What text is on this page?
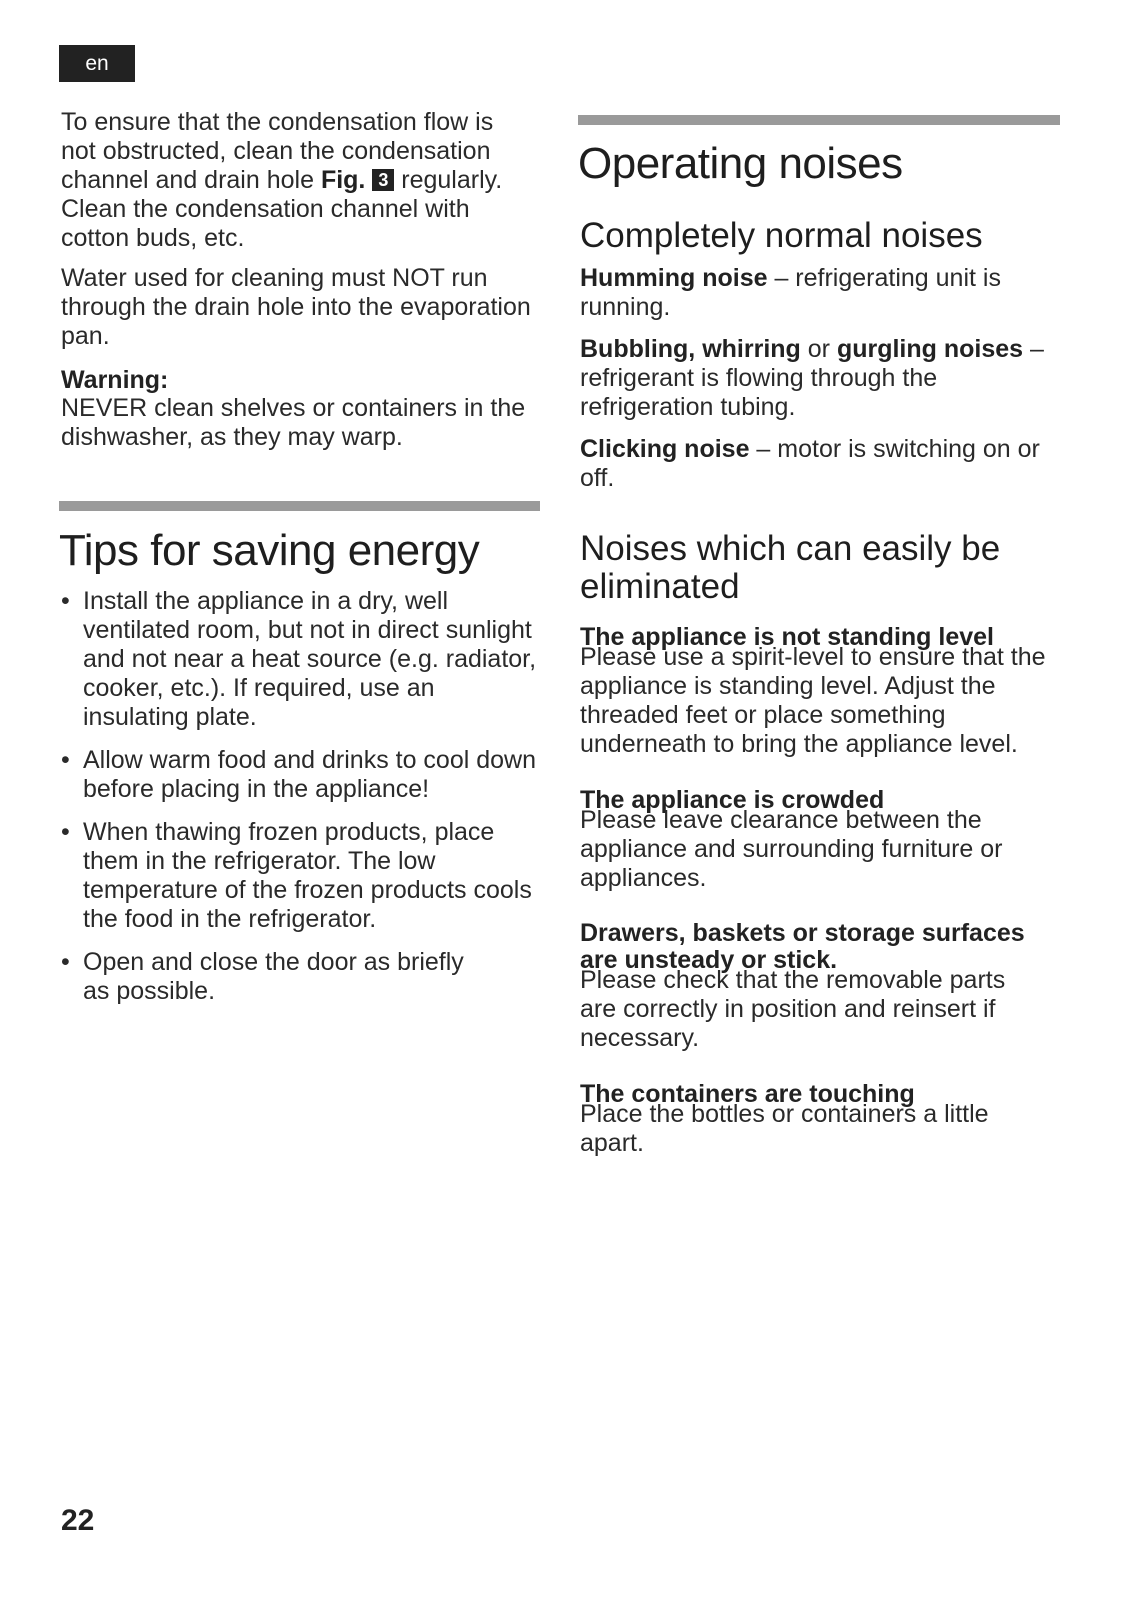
en

To ensure that the condensation flow is not obstructed, clean the condensation channel and drain hole Fig. 3 regularly. Clean the condensation channel with cotton buds, etc.

Water used for cleaning must NOT run through the drain hole into the evaporation pan.

Warning:

NEVER clean shelves or containers in the dishwasher, as they may warp.

Tips for saving energy
• Install the appliance in a dry, well ventilated room, but not in direct sunlight and not near a heat source (e.g. radiator, cooker, etc.). If required, use an insulating plate.
• Allow warm food and drinks to cool down before placing in the appliance!
• When thawing frozen products, place them in the refrigerator. The low temperature of the frozen products cools the food in the refrigerator.
• Open and close the door as briefly as possible.
Operating noises
Completely normal noises

Humming noise – refrigerating unit is running.

Bubbling, whirring or gurgling noises – refrigerant is flowing through the refrigeration tubing.

Clicking noise – motor is switching on or off.

Noises which can easily be eliminated
The appliance is not standing level

Please use a spirit-level to ensure that the appliance is standing level. Adjust the threaded feet or place something underneath to bring the appliance level.

The appliance is crowded

Please leave clearance between the appliance and surrounding furniture or appliances.

Drawers, baskets or storage surfaces are unsteady or stick.

Please check that the removable parts are correctly in position and reinsert if necessary.

The containers are touching

Place the bottles or containers a little apart.

22
